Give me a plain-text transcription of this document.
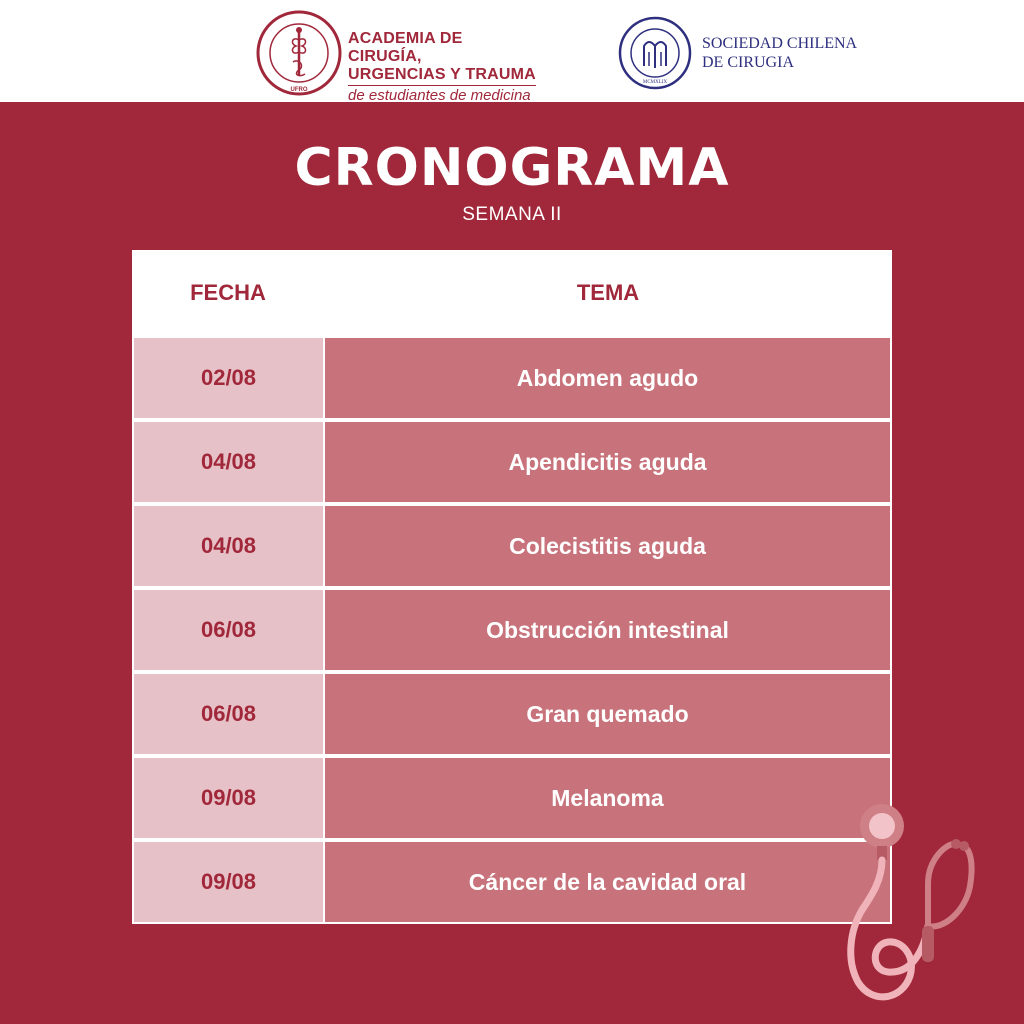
UFRO
ACADEMIA DE CIRUGÍA,
URGENCIAS Y TRAUMA
de estudiantes de medicina
MCMXLIX
SOCIEDAD CHILENA
DE CIRUGIA
CRONOGRAMA
SEMANA II
FECHA	TEMA
02/08	Abdomen agudo
04/08	Apendicitis aguda
04/08	Colecistitis aguda
06/08	Obstrucción intestinal
06/08	Gran quemado
09/08	Melanoma
09/08	Cáncer de la cavidad oral
